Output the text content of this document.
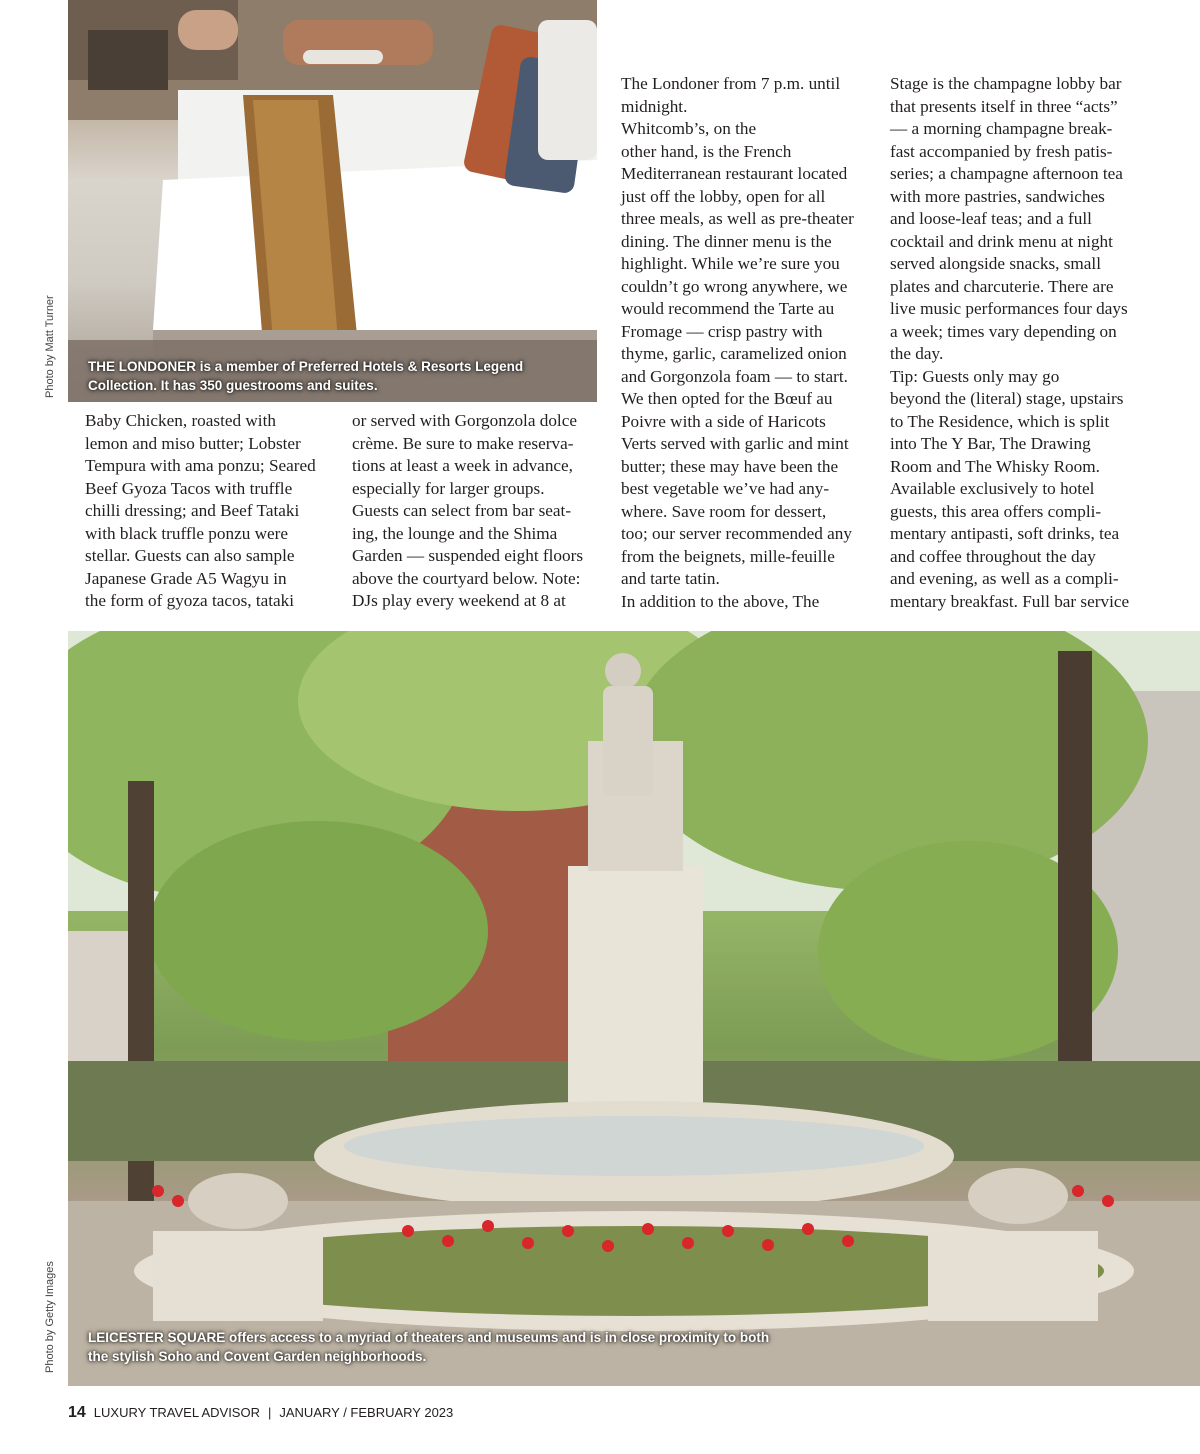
THE LONDONER is a member of Preferred Hotels & Resorts Legend
Collection. It has 350 guestrooms and suites.
Photo by Matt Turner

Baby Chicken, roasted with
lemon and miso butter; Lobster
Tempura with ama ponzu; Seared
Beef Gyoza Tacos with truffle
chilli dressing; and Beef Tataki
with black truffle ponzu were
stellar. Guests can also sample
Japanese Grade A5 Wagyu in
the form of gyoza tacos, tataki

or served with Gorgonzola dolce
crème. Be sure to make reserva-
tions at least a week in advance,
especially for larger groups.
Guests can select from bar seat-
ing, the lounge and the Shima
Garden — suspended eight floors
above the courtyard below. Note:
DJs play every weekend at 8 at

The Londoner from 7 p.m. until
midnight.
Whitcomb’s, on the
other hand, is the French
Mediterranean restaurant located
just off the lobby, open for all
three meals, as well as pre-theater
dining. The dinner menu is the
highlight. While we’re sure you
couldn’t go wrong anywhere, we
would recommend the Tarte au
Fromage — crisp pastry with
thyme, garlic, caramelized onion
and Gorgonzola foam — to start.
We then opted for the Bœuf au
Poivre with a side of Haricots
Verts served with garlic and mint
butter; these may have been the
best vegetable we’ve had any-
where. Save room for dessert,
too; our server recommended any
from the beignets, mille-feuille
and tarte tatin.
In addition to the above, The

Stage is the champagne lobby bar
that presents itself in three “acts”
— a morning champagne break-
fast accompanied by fresh patis-
series; a champagne afternoon tea
with more pastries, sandwiches
and loose-leaf teas; and a full
cocktail and drink menu at night
served alongside snacks, small
plates and charcuterie. There are
live music performances four days
a week; times vary depending on
the day.
Tip: Guests only may go
beyond the (literal) stage, upstairs
to The Residence, which is split
into The Y Bar, The Drawing
Room and The Whisky Room.
Available exclusively to hotel
guests, this area offers compli-
mentary antipasti, soft drinks, tea
and coffee throughout the day
and evening, as well as a compli-
mentary breakfast. Full bar service

LEICESTER SQUARE offers access to a myriad of theaters and museums and is in close proximity to both
the stylish Soho and Covent Garden neighborhoods.
Photo by Getty Images
14 LUXURY TRAVEL ADVISOR | JANUARY / FEBRUARY 2023
